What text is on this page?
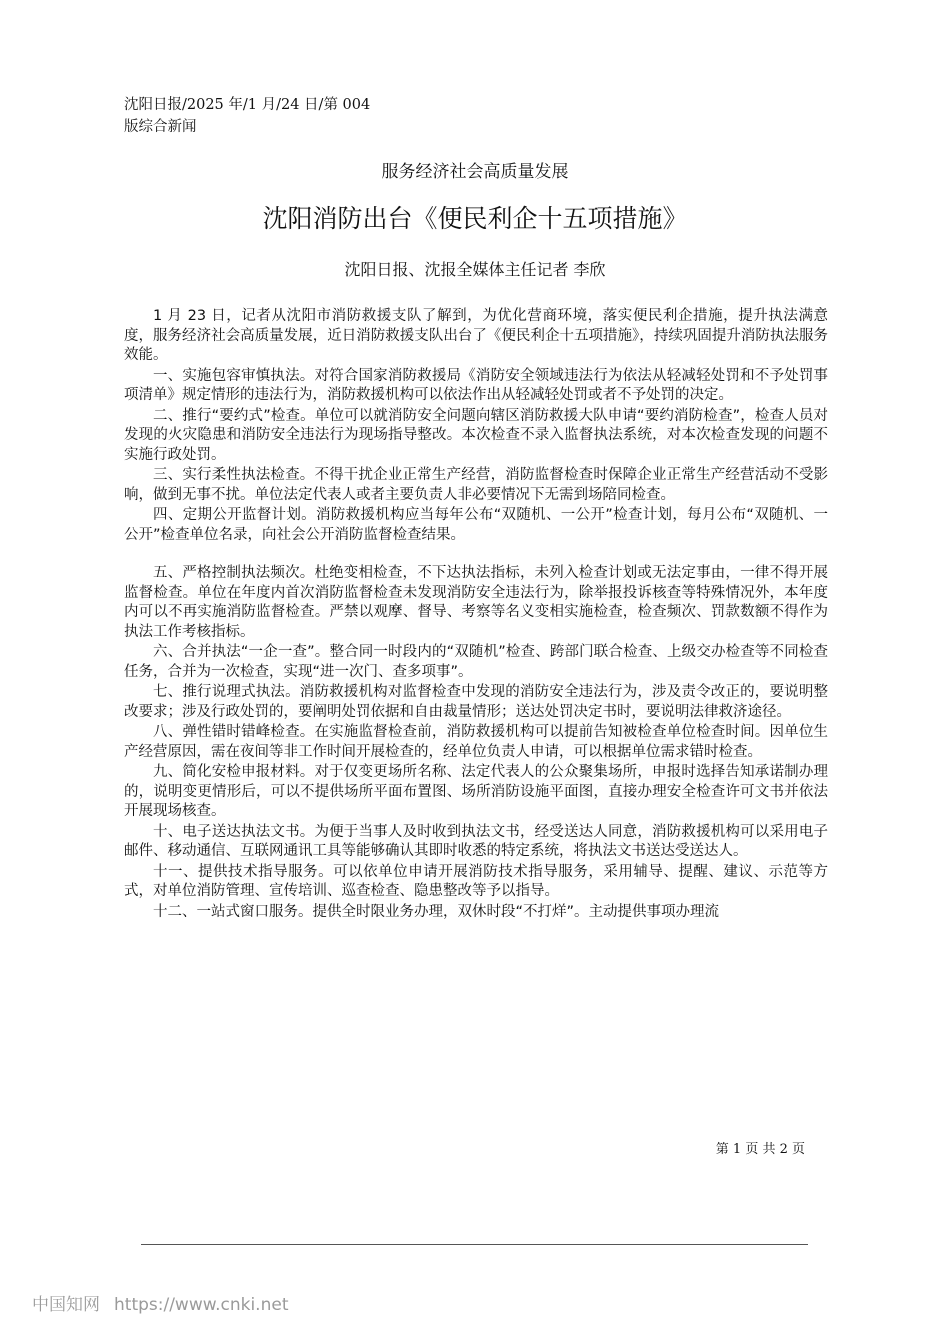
沈阳日报/2025 年/1 月/24 日/第 004
版综合新闻
服务经济社会高质量发展
沈阳消防出台《便民利企十五项措施》
沈阳日报、沈报全媒体主任记者 李欣

1 月 23 日，记者从沈阳市消防救援支队了解到，为优化营商环境，落实便民利企措施，提升执法满意度，服务经济社会高质量发展，近日消防救援支队出台了《便民利企十五项措施》，持续巩固提升消防执法服务效能。

一、实施包容审慎执法。对符合国家消防救援局《消防安全领域违法行为依法从轻减轻处罚和不予处罚事项清单》规定情形的违法行为，消防救援机构可以依法作出从轻减轻处罚或者不予处罚的决定。

二、推行“要约式”检查。单位可以就消防安全问题向辖区消防救援大队申请“要约消防检查”，检查人员对发现的火灾隐患和消防安全违法行为现场指导整改。本次检查不录入监督执法系统，对本次检查发现的问题不实施行政处罚。

三、实行柔性执法检查。不得干扰企业正常生产经营，消防监督检查时保障企业正常生产经营活动不受影响，做到无事不扰。单位法定代表人或者主要负责人非必要情况下无需到场陪同检查。

四、定期公开监督计划。消防救援机构应当每年公布“双随机、一公开”检查计划，每月公布“双随机、一公开”检查单位名录，向社会公开消防监督检查结果。

五、严格控制执法频次。杜绝变相检查，不下达执法指标，未列入检查计划或无法定事由，一律不得开展监督检查。单位在年度内首次消防监督检查未发现消防安全违法行为，除举报投诉核查等特殊情况外，本年度内可以不再实施消防监督检查。严禁以观摩、督导、考察等名义变相实施检查，检查频次、罚款数额不得作为执法工作考核指标。

六、合并执法“一企一查”。整合同一时段内的“双随机”检查、跨部门联合检查、上级交办检查等不同检查任务，合并为一次检查，实现“进一次门、查多项事”。

七、推行说理式执法。消防救援机构对监督检查中发现的消防安全违法行为，涉及责令改正的，要说明整改要求；涉及行政处罚的，要阐明处罚依据和自由裁量情形；送达处罚决定书时，要说明法律救济途径。

八、弹性错时错峰检查。在实施监督检查前，消防救援机构可以提前告知被检查单位检查时间。因单位生产经营原因，需在夜间等非工作时间开展检查的，经单位负责人申请，可以根据单位需求错时检查。

九、简化安检申报材料。对于仅变更场所名称、法定代表人的公众聚集场所，申报时选择告知承诺制办理的，说明变更情形后，可以不提供场所平面布置图、场所消防设施平面图，直接办理安全检查许可文书并依法开展现场核查。

十、电子送达执法文书。为便于当事人及时收到执法文书，经受送达人同意，消防救援机构可以采用电子邮件、移动通信、互联网通讯工具等能够确认其即时收悉的特定系统，将执法文书送达受送达人。

十一、提供技术指导服务。可以依单位申请开展消防技术指导服务，采用辅导、提醒、建议、示范等方式，对单位消防管理、宣传培训、巡查检查、隐患整改等予以指导。

十二、一站式窗口服务。提供全时限业务办理，双休时段“不打烊”。主动提供事项办理流

第 1 页 共 2 页
中国知网 https://www.cnki.net
